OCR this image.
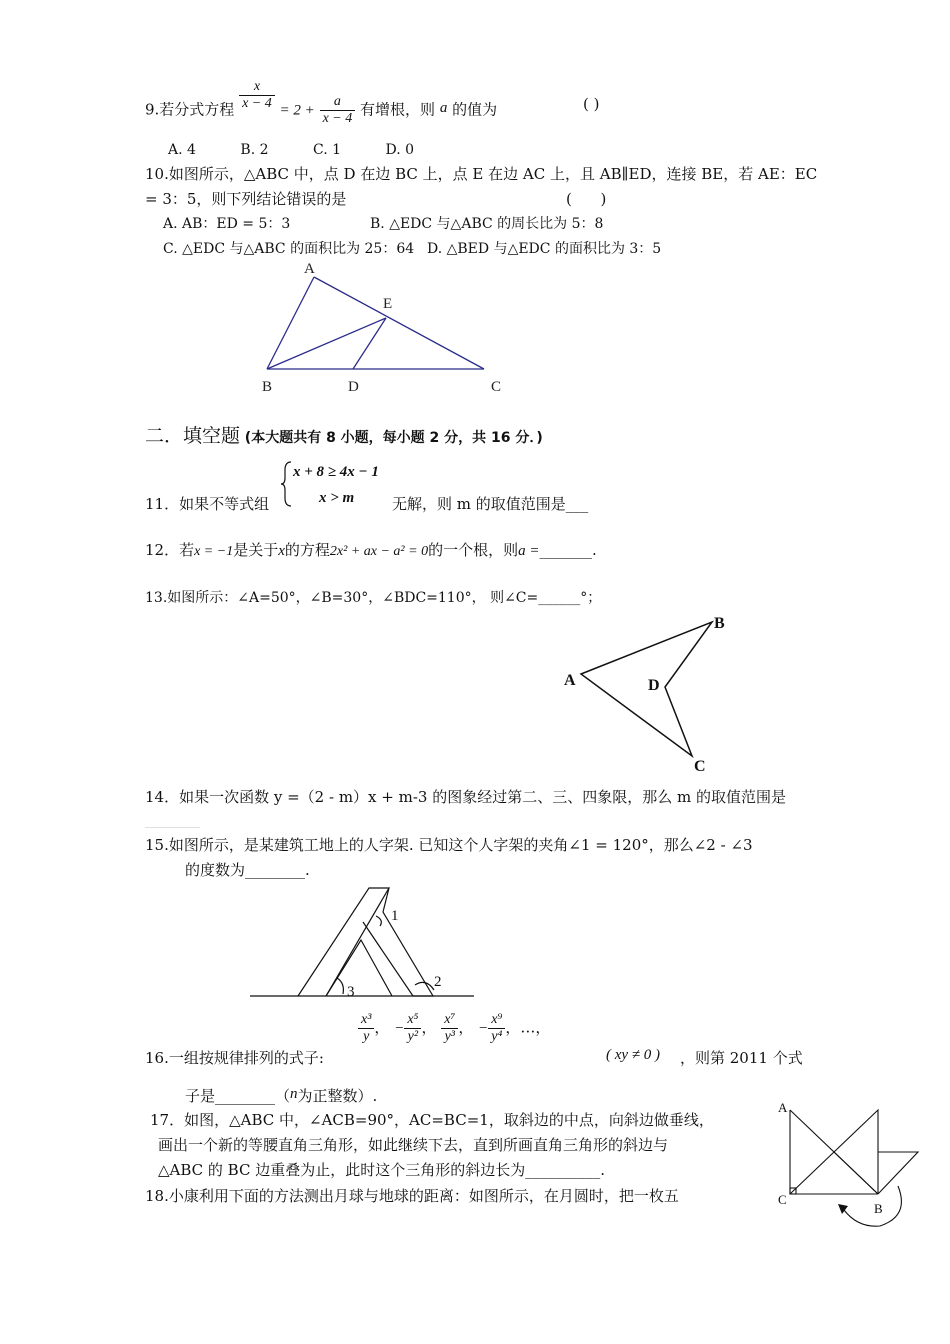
9.若分式方程 $\frac{x}{x - 4} = 2 + \frac{a}{x - 4}$ 有增根，则 a 的值为	( )
A. 4          B. 2          C. 1          D. 0
10.如图所示，△ABC 中，点 D 在边 BC 上，点 E 在边 AC 上，且 AB∥ED，连接 BE，若 AE：EC
= 3：5，则下列结论错误的是	(      )
A. AB：ED = 5：3	B. △EDC 与△ABC 的周长比为 5：8
C. △EDC 与△ABC 的面积比为 25：64 D. △BED 与△EDC 的面积比为 3：5
A
E
B	D	C
二．填空题 (本大题共有 8 小题，每小题 2 分，共 16 分．)
x + 8 ≥ 4x − 1
x > m
11．如果不等式组	无解，则 m 的取值范围是___
12．若x = −1是关于x的方程2x² + ax − a² = 0的一个根，则a =_______.
13.如图所示：∠A=50°，∠B=30°，∠BDC=110°， 则∠C=______°；
B
A	D
C
14．如果一次函数 y =（2 - m）x + m-3 的图象经过第二、三、四象限，那么 m 的取值范围是
__________
15.如图所示，是某建筑工地上的人字架. 已知这个人字架的夹角∠1 = 120°，那么∠2 - ∠3
的度数为________.
1
2
3
16.一组按规律排列的式子:
$\frac{\text{x³}}{y}$ ， − $\frac{\text{x⁵}}{\text{y²}}$ ， $\frac{\text{x⁷}}{\text{y³}}$ ， − $\frac{\text{x⁹}}{\text{y⁴}}$ ，…，
( xy ≠ 0 ) ，则第 2011 个式
子是________（n为正整数）.
17．如图，△ABC 中，∠ACB=90°，AC=BC=1，取斜边的中点，向斜边做垂线，
画出一个新的等腰直角三角形，如此继续下去，直到所画直角三角形的斜边与
△ABC 的 BC 边重叠为止，此时这个三角形的斜边长为__________.
A
C
B
18.小康利用下面的方法测出月球与地球的距离：如图所示，在月圆时，把一枚五
